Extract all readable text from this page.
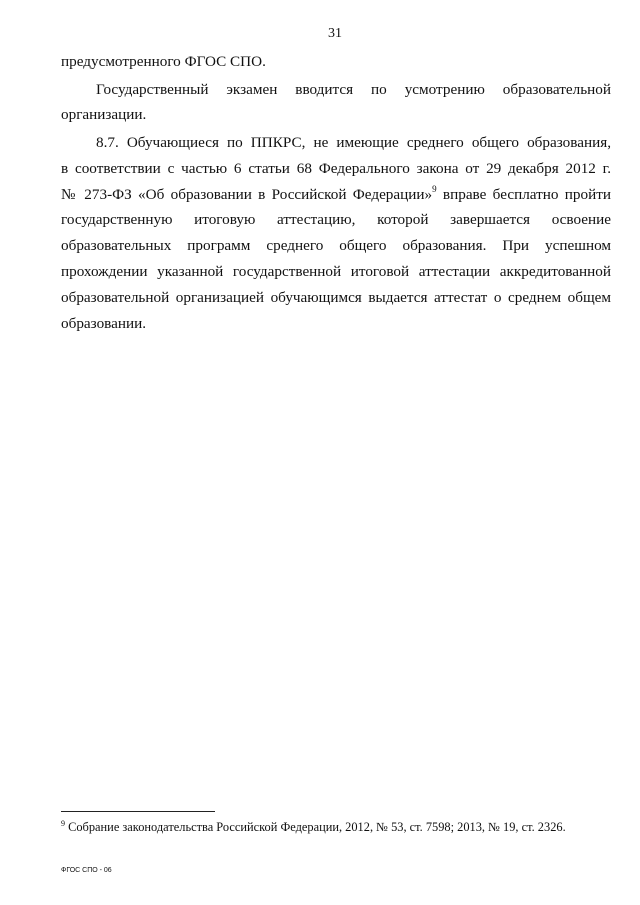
31
предусмотренного ФГОС СПО.
Государственный экзамен вводится по усмотрению образовательной
организации.
8.7. Обучающиеся по ППКРС, не имеющие среднего общего образования,
в соответствии с частью 6 статьи 68 Федерального закона от 29 декабря 2012 г.
№ 273-ФЗ «Об образовании в Российской Федерации»$^9$ вправе бесплатно пройти
государственную итоговую аттестацию, которой завершается освоение
образовательных программ среднего общего образования. При успешном
прохождении указанной государственной итоговой аттестации аккредитованной
образовательной организацией обучающимся выдается аттестат о среднем общем
образовании.
$^9$ Собрание законодательства Российской Федерации, 2012, № 53, ст. 7598; 2013, № 19, ст. 2326.
ФГОС СПО - 06
